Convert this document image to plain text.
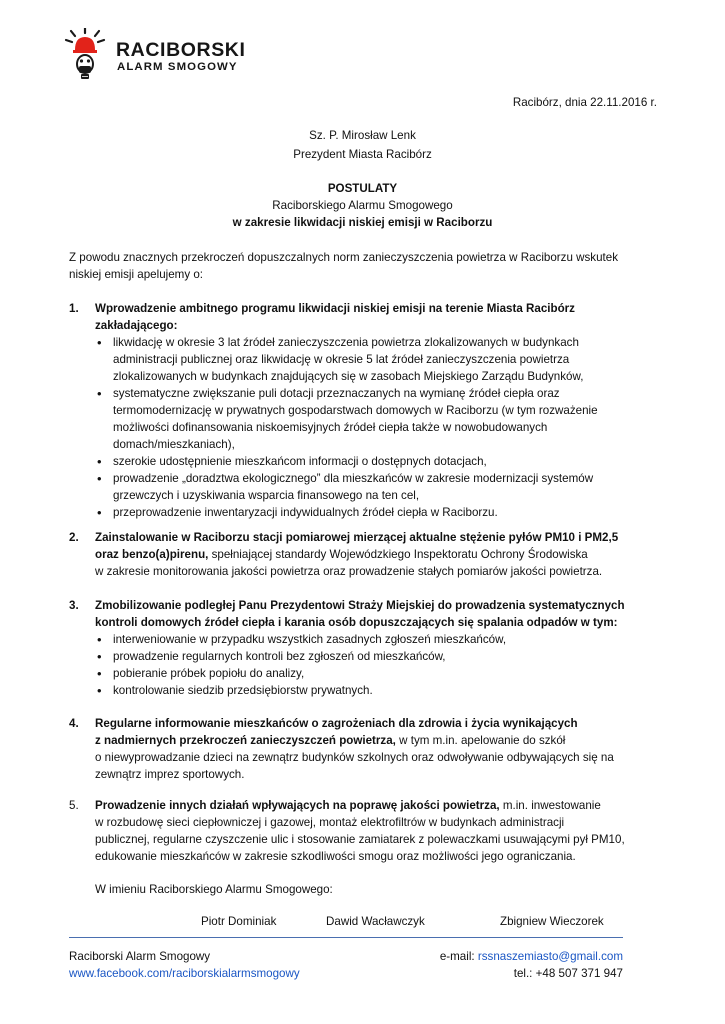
RACIBORSKI
ALARM SMOGOWY
Racibórz, dnia 22.11.2016 r.
Sz. P. Mirosław Lenk
Prezydent Miasta Racibórz
POSTULATY
Raciborskiego Alarmu Smogowego
w zakresie likwidacji niskiej emisji w Raciborzu
Z powodu znacznych przekroczeń dopuszczalnych norm zanieczyszczenia powietrza w Raciborzu wskutek
niskiej emisji apelujemy o:
1.	Wprowadzenie ambitnego programu likwidacji niskiej emisji na terenie Miasta Racibórz
zakładającego:
• likwidację w okresie 3 lat źródeł zanieczyszczenia powietrza zlokalizowanych w budynkach
administracji publicznej oraz likwidację w okresie 5 lat źródeł zanieczyszczenia powietrza
zlokalizowanych w budynkach znajdujących się w zasobach Miejskiego Zarządu Budynków,
• systematyczne zwiększanie puli dotacji przeznaczanych na wymianę źródeł ciepła oraz
termomodernizację w prywatnych gospodarstwach domowych w Raciborzu (w tym rozważenie
możliwości dofinansowania niskoemisyjnych źródeł ciepła także w nowobudowanych
domach/mieszkaniach),
• szerokie udostępnienie mieszkańcom informacji o dostępnych dotacjach,
• prowadzenie „doradztwa ekologicznego” dla mieszkańców w zakresie modernizacji systemów
grzewczych i uzyskiwania wsparcia finansowego na ten cel,
• przeprowadzenie inwentaryzacji indywidualnych źródeł ciepła w Raciborzu.
2.	Zainstalowanie w Raciborzu stacji pomiarowej mierzącej aktualne stężenie pyłów PM10 i PM2,5
oraz benzo(a)pirenu, spełniającej standardy Wojewódzkiego Inspektoratu Ochrony Środowiska
w zakresie monitorowania jakości powietrza oraz prowadzenie stałych pomiarów jakości powietrza.
3.	Zmobilizowanie podległej Panu Prezydentowi Straży Miejskiej do prowadzenia systematycznych
kontroli domowych źródeł ciepła i karania osób dopuszczających się spalania odpadów w tym:
• interweniowanie w przypadku wszystkich zasadnych zgłoszeń mieszkańców,
• prowadzenie regularnych kontroli bez zgłoszeń od mieszkańców,
• pobieranie próbek popiołu do analizy,
• kontrolowanie siedzib przedsiębiorstw prywatnych.
4.	Regularne informowanie mieszkańców o zagrożeniach dla zdrowia i życia wynikających
z nadmiernych przekroczeń zanieczyszczeń powietrza, w tym m.in. apelowanie do szkół
o niewyprowadzanie dzieci na zewnątrz budynków szkolnych oraz odwoływanie odbywających się na
zewnątrz imprez sportowych.
5.	Prowadzenie innych działań wpływających na poprawę jakości powietrza, m.in. inwestowanie
w rozbudowę sieci ciepłowniczej i gazowej, montaż elektrofiltrów w budynkach administracji
publicznej, regularne czyszczenie ulic i stosowanie zamiatarek z polewaczkami usuwającymi pył PM10,
edukowanie mieszkańców w zakresie szkodliwości smogu oraz możliwości jego ograniczania.
W imieniu Raciborskiego Alarmu Smogowego:
Piotr Dominiak	Dawid Wacławczyk	Zbigniew Wieczorek
Raciborski Alarm Smogowy
www.facebook.com/raciborskialarmsmogowy
e-mail: rssnaszemiasto@gmail.com
tel.: +48 507 371 947
